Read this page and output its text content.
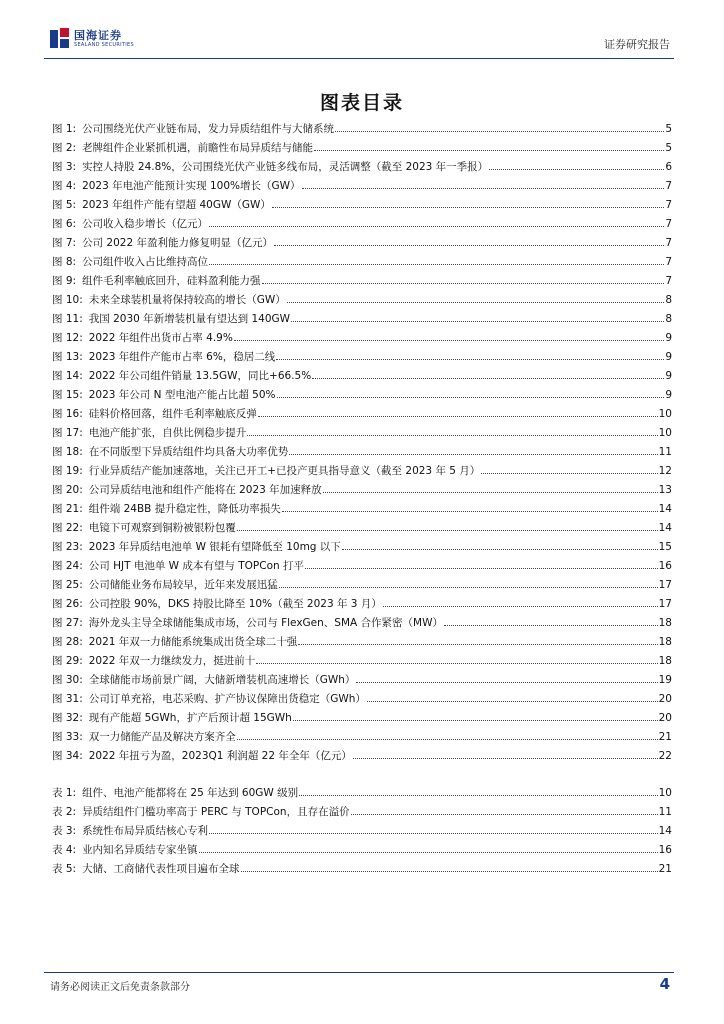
国海证券
SEALAND SECURITIES	证券研究报告
图表目录
图 1: 公司围绕光伏产业链布局，发力异质结组件与大储系统	5
图 2: 老牌组件企业紧抓机遇，前瞻性布局异质结与储能	5
图 3: 实控人持股 24.8%，公司围绕光伏产业链多线布局，灵活调整（截至 2023 年一季报）	6
图 4: 2023 年电池产能预计实现 100%增长（GW）	7
图 5: 2023 年组件产能有望超 40GW（GW）	7
图 6: 公司收入稳步增长（亿元）	7
图 7: 公司 2022 年盈利能力修复明显（亿元）	7
图 8: 公司组件收入占比维持高位	7
图 9: 组件毛利率触底回升，硅料盈利能力强	7
图 10: 未来全球装机量将保持较高的增长（GW）	8
图 11: 我国 2030 年新增装机量有望达到 140GW	8
图 12: 2022 年组件出货市占率 4.9%	9
图 13: 2023 年组件产能市占率 6%，稳居二线	9
图 14: 2022 年公司组件销量 13.5GW，同比+66.5%	9
图 15: 2023 年公司 N 型电池产能占比超 50%	9
图 16: 硅料价格回落，组件毛利率触底反弹	10
图 17: 电池产能扩张，自供比例稳步提升	10
图 18: 在不同版型下异质结组件均具备大功率优势	11
图 19: 行业异质结产能加速落地，关注已开工+已投产更具指导意义（截至 2023 年 5 月）	12
图 20: 公司异质结电池和组件产能将在 2023 年加速释放	13
图 21: 组件端 24BB 提升稳定性，降低功率损失	14
图 22: 电镜下可观察到铜粉被银粉包覆	14
图 23: 2023 年异质结电池单 W 银耗有望降低至 10mg 以下	15
图 24: 公司 HJT 电池单 W 成本有望与 TOPCon 打平	16
图 25: 公司储能业务布局较早，近年来发展迅猛	17
图 26: 公司控股 90%，DKS 持股比降至 10%（截至 2023 年 3 月）	17
图 27: 海外龙头主导全球储能集成市场，公司与 FlexGen、SMA 合作紧密（MW）	18
图 28: 2021 年双一力储能系统集成出货全球二十强	18
图 29: 2022 年双一力继续发力，挺进前十	18
图 30: 全球储能市场前景广阔，大储新增装机高速增长（GWh）	19
图 31: 公司订单充裕，电芯采购、扩产协议保障出货稳定（GWh）	20
图 32: 现有产能超 5GWh，扩产后预计超 15GWh	20
图 33: 双一力储能产品及解决方案齐全	21
图 34: 2022 年扭亏为盈，2023Q1 利润超 22 年全年（亿元）	22
表 1: 组件、电池产能都将在 25 年达到 60GW 级别	10
表 2: 异质结组件门槛功率高于 PERC 与 TOPCon，且存在溢价	11
表 3: 系统性布局异质结核心专利	14
表 4: 业内知名异质结专家坐镇	16
表 5: 大储、工商储代表性项目遍布全球	21
请务必阅读正文后免责条款部分	4
